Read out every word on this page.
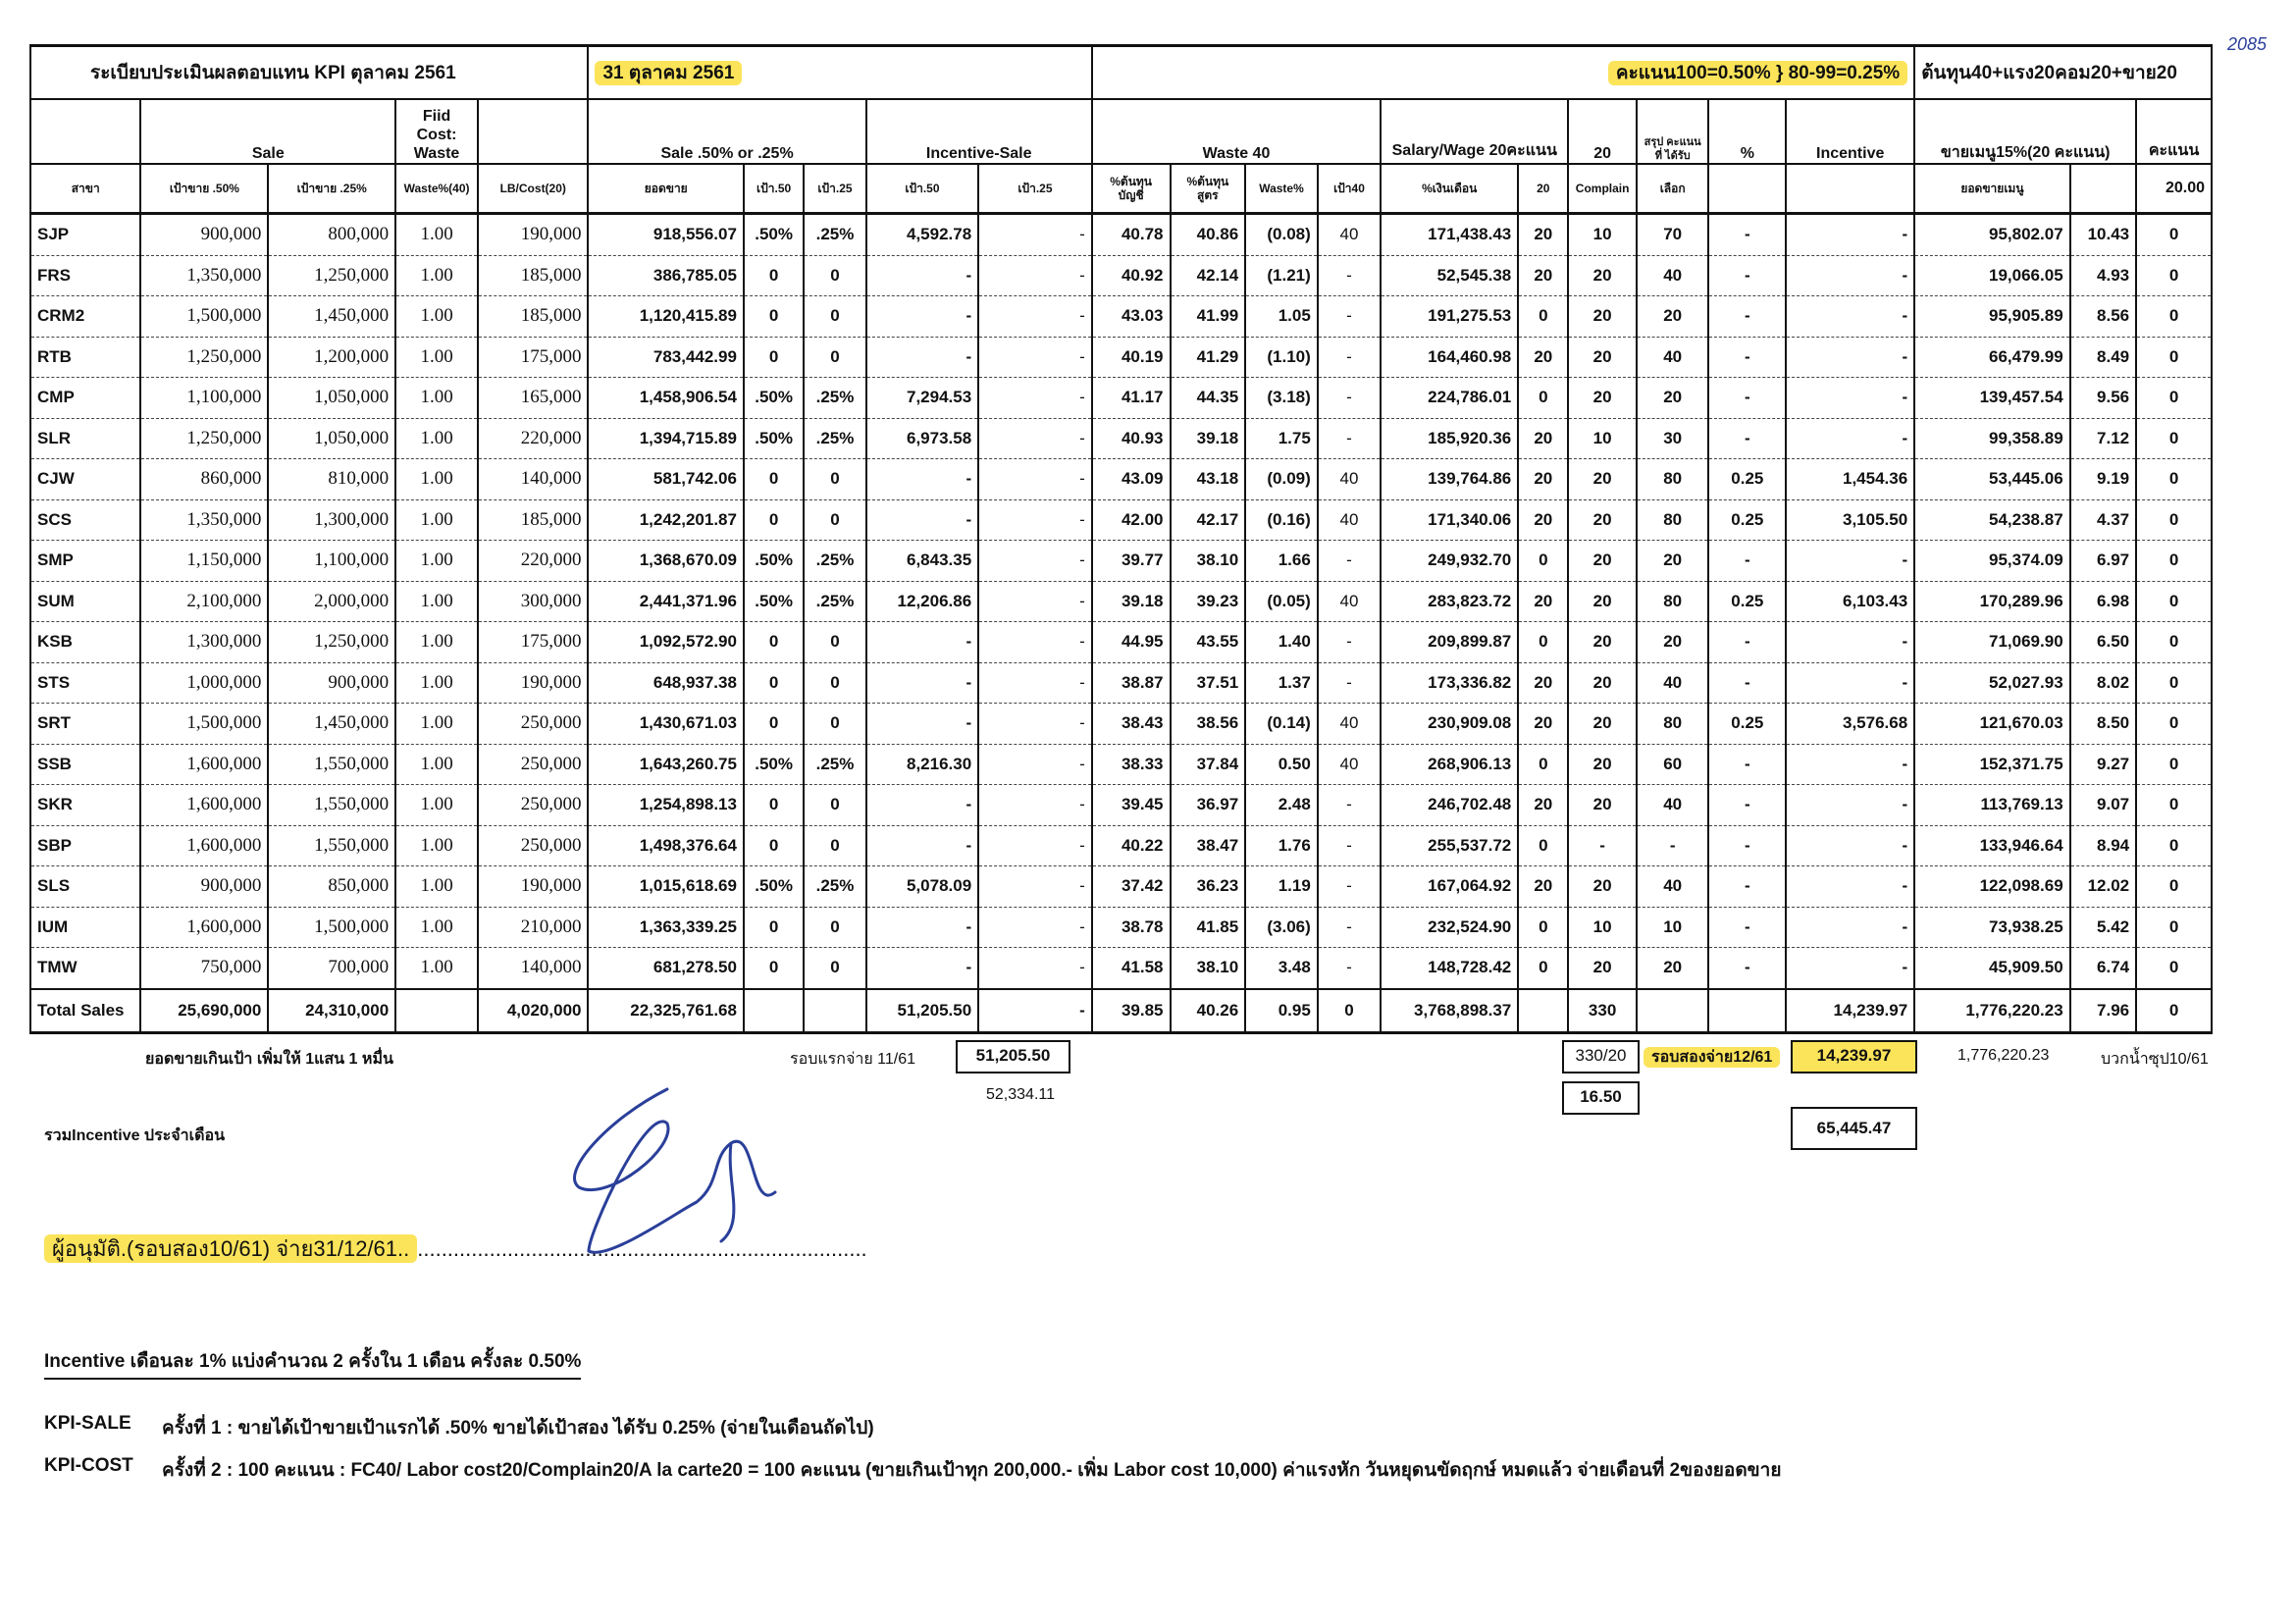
ระเบียบประเมินผลตอบแทน KPI ตุลาคม 2561					31 ตุลาคม 2561					คะแนน100=0.50% } 80-99=0.25%										ต้นทุน40+แรง20คอม20+ขาย20		
	Sale		Fiid Cost: Waste		Sale .50% or .25%			Incentive-Sale		Waste 40				Salary/Wage 20คะแนน		20	สรุป คะแนนที่ ได้รับ	%	Incentive	ขายเมนู15%(20 คะแนน)		คะแนน
สาขา	เป้าขาย .50%	เป้าขาย .25%	Waste%(40)	LB/Cost(20)	ยอดขาย	เป้า.50	เป้า.25	เป้า.50	เป้า.25	%ต้นทุน บัญชี	%ต้นทุน สูตร	Waste%	เป้า40	%เงินเดือน	20	Complain	เลือก			ยอดขายเมนู		20.00
SJP	900,000	800,000	1.00	190,000	918,556.07	.50%	.25%	4,592.78	-	40.78	40.86	(0.08)	40	171,438.43	20	10	70	-	-	95,802.07	10.43	0
FRS	1,350,000	1,250,000	1.00	185,000	386,785.05	0	0	-	-	40.92	42.14	(1.21)	-	52,545.38	20	20	40	-	-	19,066.05	4.93	0
CRM2	1,500,000	1,450,000	1.00	185,000	1,120,415.89	0	0	-	-	43.03	41.99	1.05	-	191,275.53	0	20	20	-	-	95,905.89	8.56	0
RTB	1,250,000	1,200,000	1.00	175,000	783,442.99	0	0	-	-	40.19	41.29	(1.10)	-	164,460.98	20	20	40	-	-	66,479.99	8.49	0
CMP	1,100,000	1,050,000	1.00	165,000	1,458,906.54	.50%	.25%	7,294.53	-	41.17	44.35	(3.18)	-	224,786.01	0	20	20	-	-	139,457.54	9.56	0
SLR	1,250,000	1,050,000	1.00	220,000	1,394,715.89	.50%	.25%	6,973.58	-	40.93	39.18	1.75	-	185,920.36	20	10	30	-	-	99,358.89	7.12	0
CJW	860,000	810,000	1.00	140,000	581,742.06	0	0	-	-	43.09	43.18	(0.09)	40	139,764.86	20	20	80	0.25	1,454.36	53,445.06	9.19	0
SCS	1,350,000	1,300,000	1.00	185,000	1,242,201.87	0	0	-	-	42.00	42.17	(0.16)	40	171,340.06	20	20	80	0.25	3,105.50	54,238.87	4.37	0
SMP	1,150,000	1,100,000	1.00	220,000	1,368,670.09	.50%	.25%	6,843.35	-	39.77	38.10	1.66	-	249,932.70	0	20	20	-	-	95,374.09	6.97	0
SUM	2,100,000	2,000,000	1.00	300,000	2,441,371.96	.50%	.25%	12,206.86	-	39.18	39.23	(0.05)	40	283,823.72	20	20	80	0.25	6,103.43	170,289.96	6.98	0
KSB	1,300,000	1,250,000	1.00	175,000	1,092,572.90	0	0	-	-	44.95	43.55	1.40	-	209,899.87	0	20	20	-	-	71,069.90	6.50	0
STS	1,000,000	900,000	1.00	190,000	648,937.38	0	0	-	-	38.87	37.51	1.37	-	173,336.82	20	20	40	-	-	52,027.93	8.02	0
SRT	1,500,000	1,450,000	1.00	250,000	1,430,671.03	0	0	-	-	38.43	38.56	(0.14)	40	230,909.08	20	20	80	0.25	3,576.68	121,670.03	8.50	0
SSB	1,600,000	1,550,000	1.00	250,000	1,643,260.75	.50%	.25%	8,216.30	-	38.33	37.84	0.50	40	268,906.13	0	20	60	-	-	152,371.75	9.27	0
SKR	1,600,000	1,550,000	1.00	250,000	1,254,898.13	0	0	-	-	39.45	36.97	2.48	-	246,702.48	20	20	40	-	-	113,769.13	9.07	0
SBP	1,600,000	1,550,000	1.00	250,000	1,498,376.64	0	0	-	-	40.22	38.47	1.76	-	255,537.72	0	-	-	-	-	133,946.64	8.94	0
SLS	900,000	850,000	1.00	190,000	1,015,618.69	.50%	.25%	5,078.09	-	37.42	36.23	1.19	-	167,064.92	20	20	40	-	-	122,098.69	12.02	0
IUM	1,600,000	1,500,000	1.00	210,000	1,363,339.25	0	0	-	-	38.78	41.85	(3.06)	-	232,524.90	0	10	10	-	-	73,938.25	5.42	0
TMW	750,000	700,000	1.00	140,000	681,278.50	0	0	-	-	41.58	38.10	3.48	-	148,728.42	0	20	20	-	-	45,909.50	6.74	0
Total Sales	25,690,000	24,310,000		4,020,000	22,325,761.68			51,205.50	-	39.85	40.26	0.95	0	3,768,898.37		330			14,239.97	1,776,220.23	7.96	0
ยอดขายเกินเป้า เพิ่มให้ 1แสน 1 หมื่น	รอบแรกจ่าย 11/61	51,205.50
52,334.11
330/20
16.50
รอบสองจ่าย12/61	14,239.97	1,776,220.23	บวกน้ำซุป10/61
รวมIncentive ประจำเดือน	65,445.47
ผู้อนุมัติ.(รอบสอง10/61) จ่าย31/12/61.. ...........................................................................
Incentive เดือนละ 1% แบ่งคำนวณ 2 ครั้งใน 1 เดือน ครั้งละ 0.50%
KPI-SALE ครั้งที่ 1 : ขายได้เป้าขายเป้าแรกได้ .50% ขายได้เป้าสอง ได้รับ 0.25% (จ่ายในเดือนถัดไป)
KPI-COST ครั้งที่ 2 : 100 คะแนน : FC40/ Labor cost20/Complain20/A la carte20 = 100 คะแนน (ขายเกินเป้าทุก 200,000.- เพิ่ม Labor cost 10,000) ค่าแรงหัก วันหยุดนขัดฤกษ์ หมดแล้ว จ่ายเดือนที่ 2ของยอดขาย
2085
